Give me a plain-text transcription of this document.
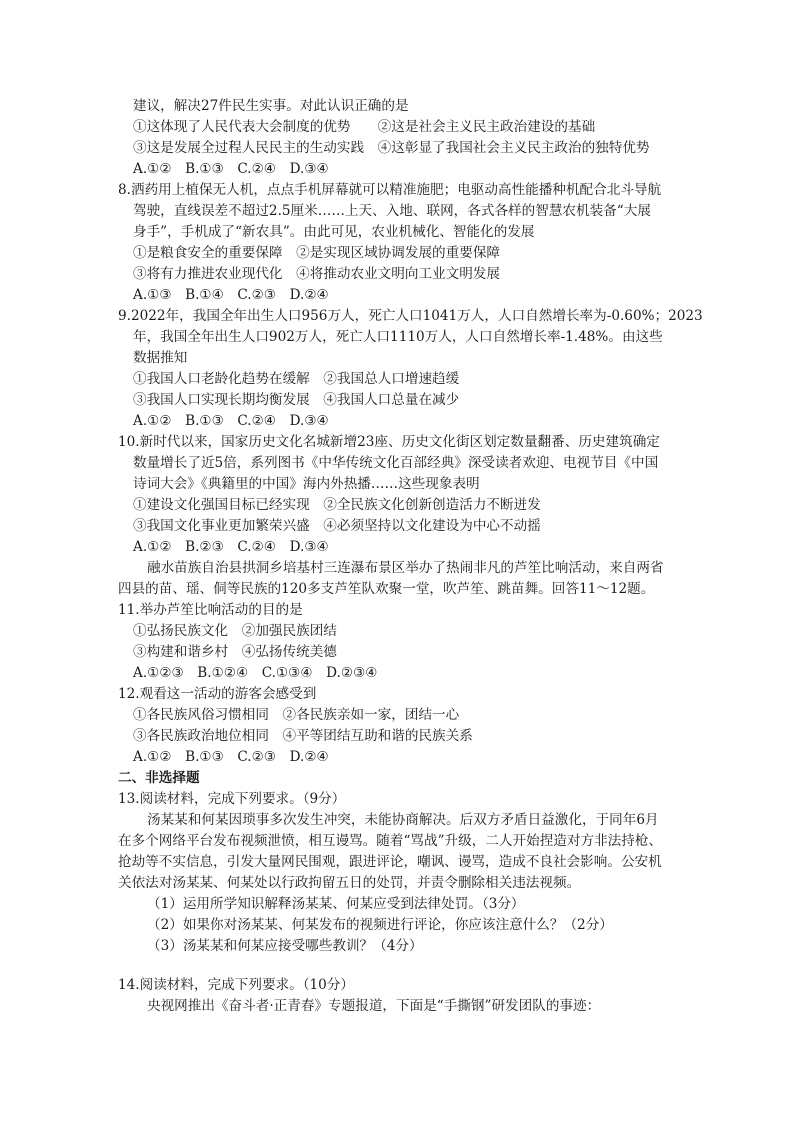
建议，解决27件民生实事。对此认识正确的是
①这体现了人民代表大会制度的优势　　②这是社会主义民主政治建设的基础
③这是发展全过程人民民主的生动实践　④这彰显了我国社会主义民主政治的独特优势
A.①②　B.①③　C.②④　D.③④
8.洒药用上植保无人机，点点手机屏幕就可以精准施肥；电驱动高性能播种机配合北斗导航
驾驶，直线误差不超过2.5厘米……上天、入地、联网，各式各样的智慧农机装备“大展
身手”，手机成了“新农具”。由此可见，农业机械化、智能化的发展
①是粮食安全的重要保障　②是实现区域协调发展的重要保障
③将有力推进农业现代化　④将推动农业文明向工业文明发展
A.①③　B.①④　C.②③　D.②④
9.2022年，我国全年出生人口956万人，死亡人口1041万人，人口自然增长率为-0.60%；2023
年，我国全年出生人口902万人，死亡人口1110万人，人口自然增长率-1.48%。由这些
数据推知
①我国人口老龄化趋势在缓解　②我国总人口增速趋缓
③我国人口实现长期均衡发展　④我国人口总量在减少
A.①②　B.①③　C.②④　D.③④
10.新时代以来，国家历史文化名城新增23座、历史文化街区划定数量翻番、历史建筑确定
数量增长了近5倍，系列图书《中华传统文化百部经典》深受读者欢迎、电视节目《中国
诗词大会》《典籍里的中国》海内外热播……这些现象表明
①建设文化强国目标已经实现　②全民族文化创新创造活力不断迸发
③我国文化事业更加繁荣兴盛　④必须坚持以文化建设为中心不动摇
A.①②　B.②③　C.②④　D.③④
融水苗族自治县拱洞乡培基村三连瀑布景区举办了热闹非凡的芦笙比响活动，来自两省
四县的苗、瑶、侗等民族的120多支芦笙队欢聚一堂，吹芦笙、跳苗舞。回答11～12题。
11.举办芦笙比响活动的目的是
①弘扬民族文化　②加强民族团结
③构建和谐乡村　④弘扬传统美德
A.①②③　B.①②④　C.①③④　D.②③④
12.观看这一活动的游客会感受到
①各民族风俗习惯相同　②各民族亲如一家，团结一心
③各民族政治地位相同　④平等团结互助和谐的民族关系
A.①②　B.①③　C.②③　D.②④
二、非选择题
13.阅读材料，完成下列要求。（9分）
汤某某和何某因琐事多次发生冲突，未能协商解决。后双方矛盾日益激化，于同年6月
在多个网络平台发布视频泄愤，相互谩骂。随着“骂战”升级，二人开始捏造对方非法持枪、
抢劫等不实信息，引发大量网民围观，跟进评论，嘲讽、谩骂，造成不良社会影响。公安机
关依法对汤某某、何某处以行政拘留五日的处罚，并责令删除相关违法视频。
（1）运用所学知识解释汤某某、何某应受到法律处罚。（3分）
（2）如果你对汤某某、何某发布的视频进行评论，你应该注意什么？（2分）
（3）汤某某和何某应接受哪些教训？（4分）
14.阅读材料，完成下列要求。（10分）
央视网推出《奋斗者·正青春》专题报道，下面是“手撕钢”研发团队的事迹：
